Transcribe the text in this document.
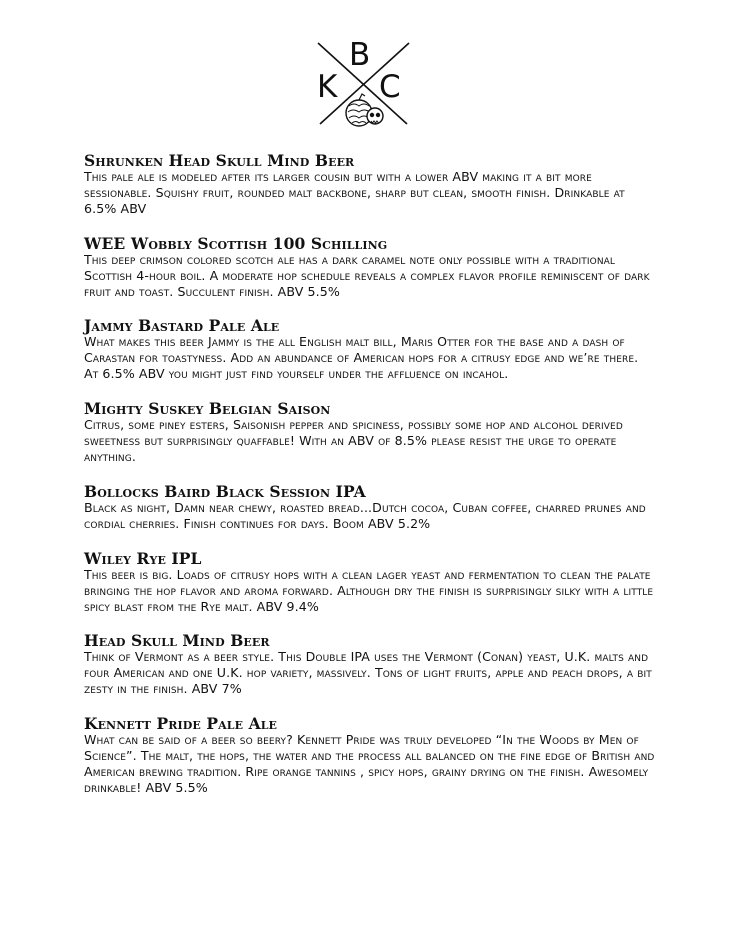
B
K C
Shrunken Head Skull Mind Beer
This pale ale is modeled after its larger cousin but with a lower ABV making it a bit more sessionable. Squishy fruit, rounded malt backbone, sharp but clean, smooth finish. Drinkable at 6.5% ABV
WEE Wobbly Scottish 100 Schilling
This deep crimson colored scotch ale has a dark caramel note only possible with a traditional Scottish 4-hour boil. A moderate hop schedule reveals a complex flavor profile reminiscent of dark fruit and toast. Succulent finish. ABV 5.5%
Jammy Bastard Pale Ale
What makes this beer Jammy is the all English malt bill, Maris Otter for the base and a dash of Carastan for toastyness. Add an abundance of American hops for a citrusy edge and we’re there. At 6.5% ABV you might just find yourself under the affluence on incahol.
Mighty Suskey Belgian Saison
Citrus, some piney esters, Saisonish pepper and spiciness, possibly some hop and alcohol derived sweetness but surprisingly quaffable! With an ABV of 8.5% please resist the urge to operate anything.
Bollocks Baird Black Session IPA
Black as night, Damn near chewy, roasted bread...Dutch cocoa, Cuban coffee, charred prunes and cordial cherries. Finish continues for days. Boom ABV 5.2%
Wiley Rye IPL
This beer is big. Loads of citrusy hops with a clean lager yeast and fermentation to clean the palate bringing the hop flavor and aroma forward. Although dry the finish is surprisingly silky with a little spicy blast from the Rye malt. ABV 9.4%
Head Skull Mind Beer
Think of Vermont as a beer style. This Double IPA uses the Vermont (Conan) yeast, U.K. malts and four American and one U.K. hop variety, massively. Tons of light fruits, apple and peach drops, a bit zesty in the finish. ABV 7%
Kennett Pride Pale Ale
What can be said of a beer so beery? Kennett Pride was truly developed “In the Woods by Men of Science”. The malt, the hops, the water and the process all balanced on the fine edge of British and American brewing tradition. Ripe orange tannins , spicy hops, grainy drying on the finish. Awesomely drinkable! ABV 5.5%
